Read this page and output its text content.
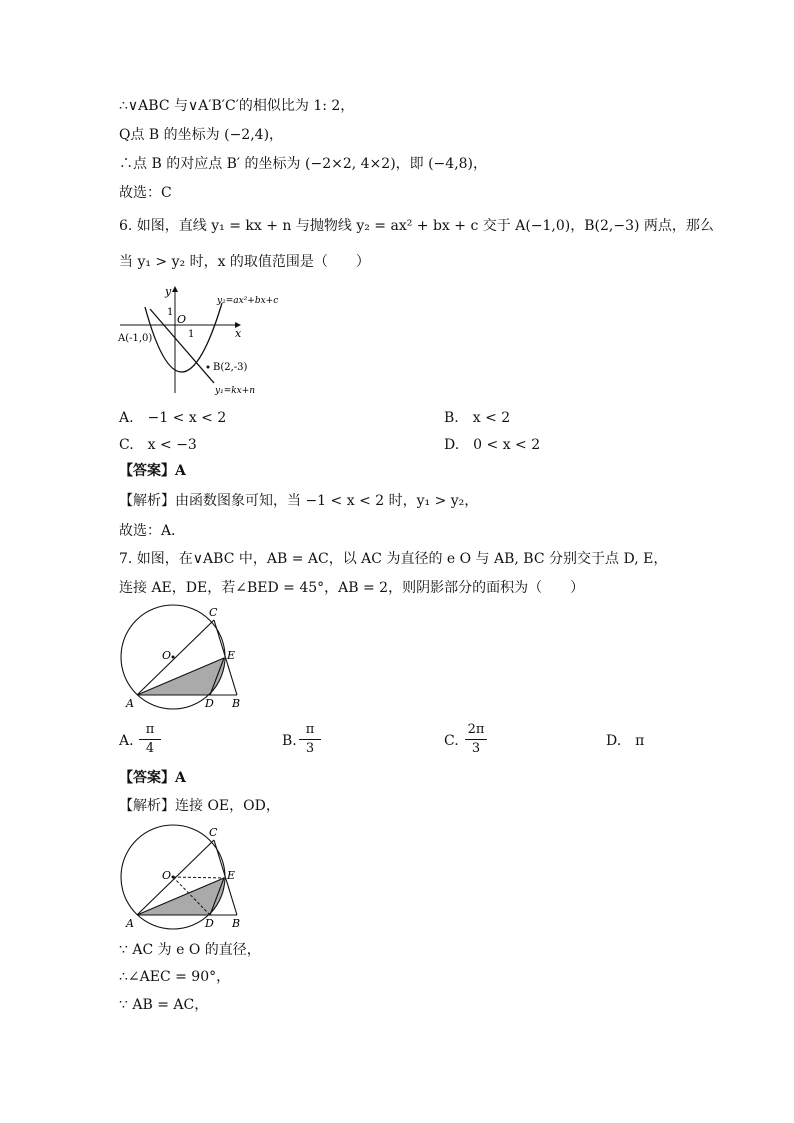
∴∨ABC 与∨A′B′C′的相似比为 1: 2，
Q点 B 的坐标为 (−2,4)，
∴点 B 的对应点 B′ 的坐标为 (−2×2, 4×2)，即 (−4,8)，
故选：C
6. 如图，直线 y₁ = kx + n 与抛物线 y₂ = ax² + bx + c 交于 A(−1,0)，B(2,−3) 两点，那么
当 y₁ > y₂ 时，x 的取值范围是（　　）
y
x
O
1
1
A(-1,0)
B(2,-3)
y₂=ax²+bx+c
y₁=kx+n
A.　−1 < x < 2	B.　x < 2
C.　x < −3	D.　0 < x < 2
【答案】A
【解析】由函数图象可知，当 −1 < x < 2 时，y₁ > y₂，
故选：A．
7. 如图，在∨ABC 中，AB = AC，以 AC 为直径的 e O 与 AB, BC 分别交于点 D, E，
连接 AE，DE，若∠BED = 45°，AB = 2，则阴影部分的面积为（　　）
C
O	E
A	D B
A.
π
4	B.
π
3	C.
2π
3	D.　π
【答案】A
【解析】连接 OE，OD，
C
O	E
A	D B
∵ AC 为 e O 的直径，
∴∠AEC = 90°，
∵ AB = AC，
